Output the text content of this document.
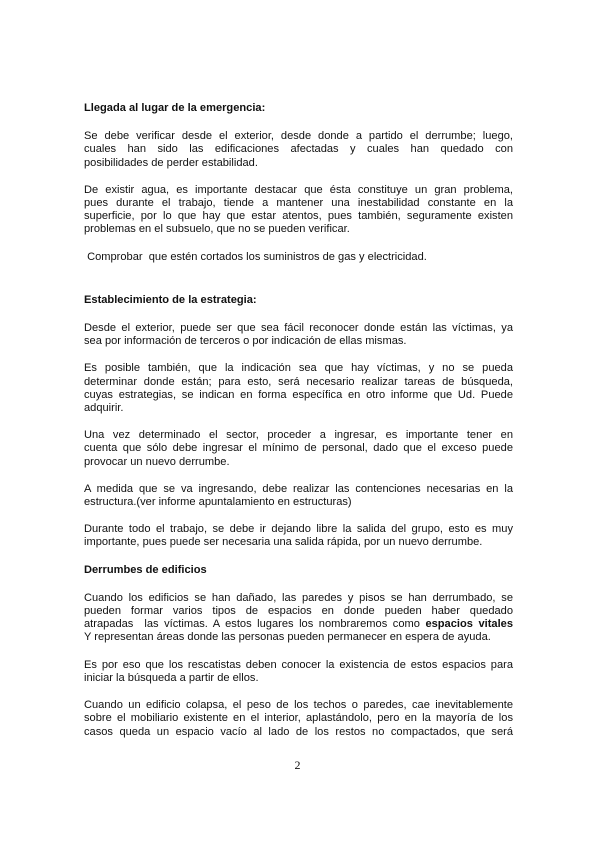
Llegada al lugar de la emergencia:

Se debe verificar desde el exterior, desde donde a partido el derrumbe; luego,
cuales han sido las edificaciones afectadas y cuales han quedado con
posibilidades de perder estabilidad.

De existir agua, es importante destacar que ésta constituye un gran problema,
pues durante el trabajo, tiende a mantener una inestabilidad constante en la
superficie, por lo que hay que estar atentos, pues también, seguramente existen
problemas en el subsuelo, que no se pueden verificar.

Comprobar  que estén cortados los suministros de gas y electricidad.

Establecimiento de la estrategia:

Desde el exterior, puede ser que sea fácil reconocer donde están las víctimas, ya
sea por información de terceros o por indicación de ellas mismas.

Es posible también, que la indicación sea que hay víctimas, y no se pueda
determinar donde están; para esto, será necesario realizar tareas de búsqueda,
cuyas estrategias, se indican en forma específica en otro informe que Ud. Puede
adquirir.

Una vez determinado el sector, proceder a ingresar, es importante tener en
cuenta que sólo debe ingresar el mínimo de personal, dado que el exceso puede
provocar un nuevo derrumbe.

A medida que se va ingresando, debe realizar las contenciones necesarias en la
estructura.(ver informe apuntalamiento en estructuras)

Durante todo el trabajo, se debe ir dejando libre la salida del grupo, esto es muy
importante, pues puede ser necesaria una salida rápida, por un nuevo derrumbe.

Derrumbes de edificios

Cuando los edificios se han dañado, las paredes y pisos se han derrumbado, se
pueden formar varios tipos de espacios en donde pueden haber quedado
atrapadas  las víctimas. A estos lugares los nombraremos como espacios vitales
Y representan áreas donde las personas pueden permanecer en espera de ayuda.

Es por eso que los rescatistas deben conocer la existencia de estos espacios para
iniciar la búsqueda a partir de ellos.

Cuando un edificio colapsa, el peso de los techos o paredes, cae inevitablemente
sobre el mobiliario existente en el interior, aplastándolo, pero en la mayoría de los
casos queda un espacio vacío al lado de los restos no compactados, que será

2
